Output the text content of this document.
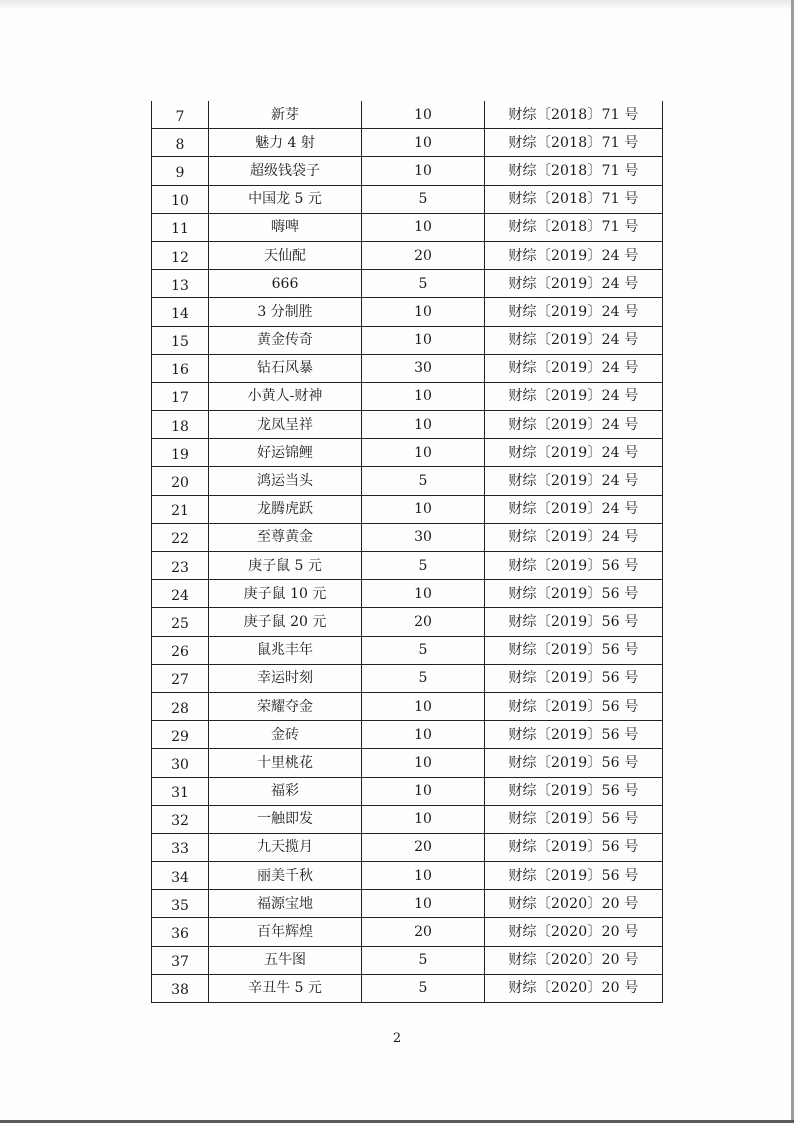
7	新芽	10	财综〔2018〕71 号
8	魅力 4 射	10	财综〔2018〕71 号
9	超级钱袋子	10	财综〔2018〕71 号
10	中国龙 5 元	5	财综〔2018〕71 号
11	嗨啤	10	财综〔2018〕71 号
12	天仙配	20	财综〔2019〕24 号
13	666	5	财综〔2019〕24 号
14	3 分制胜	10	财综〔2019〕24 号
15	黄金传奇	10	财综〔2019〕24 号
16	钻石风暴	30	财综〔2019〕24 号
17	小黄人-财神	10	财综〔2019〕24 号
18	龙凤呈祥	10	财综〔2019〕24 号
19	好运锦鲤	10	财综〔2019〕24 号
20	鸿运当头	5	财综〔2019〕24 号
21	龙腾虎跃	10	财综〔2019〕24 号
22	至尊黄金	30	财综〔2019〕24 号
23	庚子鼠 5 元	5	财综〔2019〕56 号
24	庚子鼠 10 元	10	财综〔2019〕56 号
25	庚子鼠 20 元	20	财综〔2019〕56 号
26	鼠兆丰年	5	财综〔2019〕56 号
27	幸运时刻	5	财综〔2019〕56 号
28	荣耀夺金	10	财综〔2019〕56 号
29	金砖	10	财综〔2019〕56 号
30	十里桃花	10	财综〔2019〕56 号
31	福彩	10	财综〔2019〕56 号
32	一触即发	10	财综〔2019〕56 号
33	九天揽月	20	财综〔2019〕56 号
34	丽美千秋	10	财综〔2019〕56 号
35	福源宝地	10	财综〔2020〕20 号
36	百年辉煌	20	财综〔2020〕20 号
37	五牛图	5	财综〔2020〕20 号
38	辛丑牛 5 元	5	财综〔2020〕20 号
2
